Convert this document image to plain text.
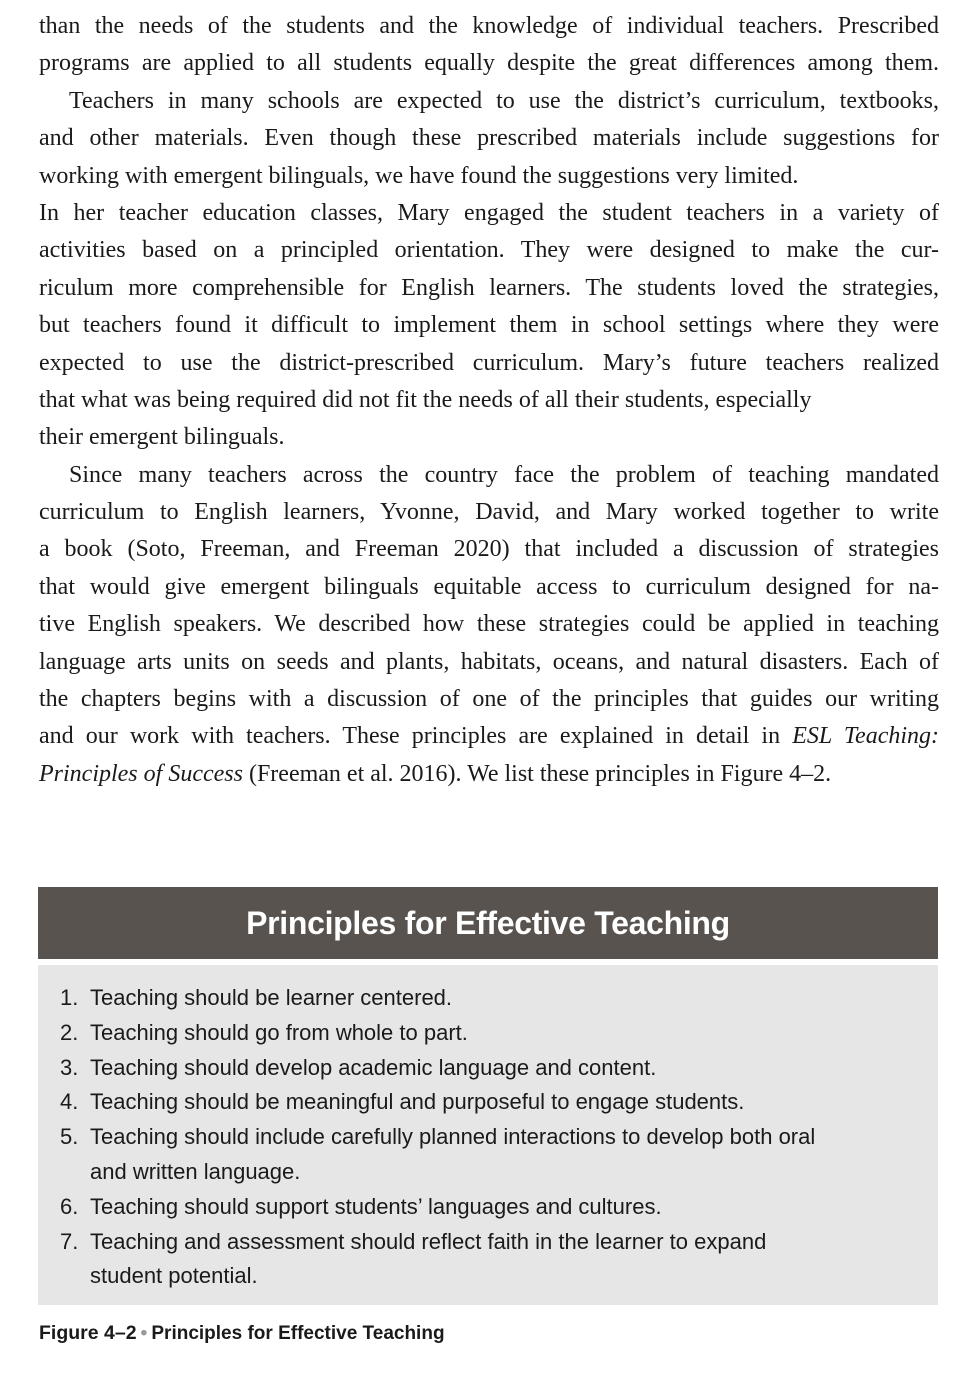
than the needs of the students and the knowledge of individual teachers. Prescribed
programs are applied to all students equally despite the great differences among them.
Teachers in many schools are expected to use the district’s curriculum, textbooks,
and other materials. Even though these prescribed materials include suggestions for
working with emergent bilinguals, we have found the suggestions very limited.
In her teacher education classes, Mary engaged the student teachers in a variety of
activities based on a principled orientation. They were designed to make the cur-
riculum more comprehensible for English learners. The students loved the strategies,
but teachers found it difficult to implement them in school settings where they were
expected to use the district-prescribed curriculum. Mary’s future teachers realized
that what was being required did not fit the needs of all their students, especially
their emergent bilinguals.
Since many teachers across the country face the problem of teaching mandated
curriculum to English learners, Yvonne, David, and Mary worked together to write
a book (Soto, Freeman, and Freeman 2020) that included a discussion of strategies
that would give emergent bilinguals equitable access to curriculum designed for na-
tive English speakers. We described how these strategies could be applied in teaching
language arts units on seeds and plants, habitats, oceans, and natural disasters. Each of
the chapters begins with a discussion of one of the principles that guides our writing
and our work with teachers. These principles are explained in detail in ESL Teaching:
Principles of Success (Freeman et al. 2016). We list these principles in Figure 4–2.
Principles for Effective Teaching
1. Teaching should be learner centered.
2. Teaching should go from whole to part.
3. Teaching should develop academic language and content.
4. Teaching should be meaningful and purposeful to engage students.
5. Teaching should include carefully planned interactions to develop both oral
and written language.
6. Teaching should support students’ languages and cultures.
7. Teaching and assessment should reflect faith in the learner to expand
student potential.
Figure 4–2 • Principles for Effective Teaching
